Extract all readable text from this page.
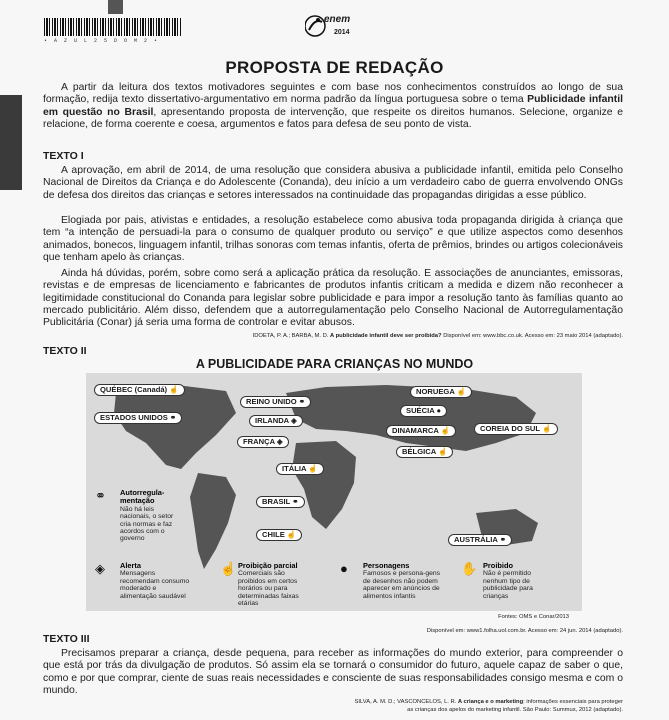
• A Z U L 2 5 D O M 2 •
enem
2014
PROPOSTA DE REDAÇÃO
A partir da leitura dos textos motivadores seguintes e com base nos conhecimentos construídos ao longo de sua formação, redija texto dissertativo-argumentativo em norma padrão da língua portuguesa sobre o tema Publicidade infantil em questão no Brasil, apresentando proposta de intervenção, que respeite os direitos humanos. Selecione, organize e relacione, de forma coerente e coesa, argumentos e fatos para defesa de seu ponto de vista.
TEXTO I
A aprovação, em abril de 2014, de uma resolução que considera abusiva a publicidade infantil, emitida pelo Conselho Nacional de Direitos da Criança e do Adolescente (Conanda), deu início a um verdadeiro cabo de guerra envolvendo ONGs de defesa dos direitos das crianças e setores interessados na continuidade das propagandas dirigidas a esse público.
Elogiada por pais, ativistas e entidades, a resolução estabelece como abusiva toda propaganda dirigida à criança que tem “a intenção de persuadi-la para o consumo de qualquer produto ou serviço” e que utilize aspectos como desenhos animados, bonecos, linguagem infantil, trilhas sonoras com temas infantis, oferta de prêmios, brindes ou artigos colecionáveis que tenham apelo às crianças.
Ainda há dúvidas, porém, sobre como será a aplicação prática da resolução. E associações de anunciantes, emissoras, revistas e de empresas de licenciamento e fabricantes de produtos infantis criticam a medida e dizem não reconhecer a legitimidade constitucional do Conanda para legislar sobre publicidade e para impor a resolução tanto às famílias quanto ao mercado publicitário. Além disso, defendem que a autorregulamentação pelo Conselho Nacional de Autorregulamentação Publicitária (Conar) já seria uma forma de controlar e evitar abusos.
IDOETA, P. A.; BARBA, M. D. A publicidade infantil deve ser proibida? Disponível em: www.bbc.co.uk. Acesso em: 23 maio 2014 (adaptado).
TEXTO II
A PUBLICIDADE PARA CRIANÇAS NO MUNDO
QUÉBEC (Canadá) ☝
ESTADOS UNIDOS ⚭
REINO UNIDO ⚭
IRLANDA ◈
FRANÇA ◈
ITÁLIA ☝
NORUEGA ☝
SUÉCIA ●
DINAMARCA ☝
BÉLGICA ☝
COREIA DO SUL ☝
BRASIL ⚭
CHILE ☝
AUSTRÁLIA ⚭
⚭ Autorregula-mentação
Não há leis nacionais, o setor cria normas e faz acordos com o governo
◈ Alerta
Mensagens recomendam consumo moderado e alimentação saudável
☝ Proibição parcial
Comerciais são proibidos em certos horários ou para determinadas faixas etárias
● Personagens
Famosos e persona-gens de desenhos não podem aparecer em anúncios de alimentos infantis
✋ Proibido
Não é permitido nenhum tipo de publicidade para crianças
Fontes: OMS e Conar/2013
Disponível em: www1.folha.uol.com.br. Acesso em: 24 jun. 2014 (adaptado).
TEXTO III
Precisamos preparar a criança, desde pequena, para receber as informações do mundo exterior, para compreender o que está por trás da divulgação de produtos. Só assim ela se tornará o consumidor do futuro, aquele capaz de saber o que, como e por que comprar, ciente de suas reais necessidades e consciente de suas responsabilidades consigo mesma e com o mundo.
SILVA, A. M. D.; VASCONCELOS, L. R. A criança e o marketing: informações essenciais para proteger
as crianças dos apelos do marketing infantil. São Paulo: Summus, 2012 (adaptado).
